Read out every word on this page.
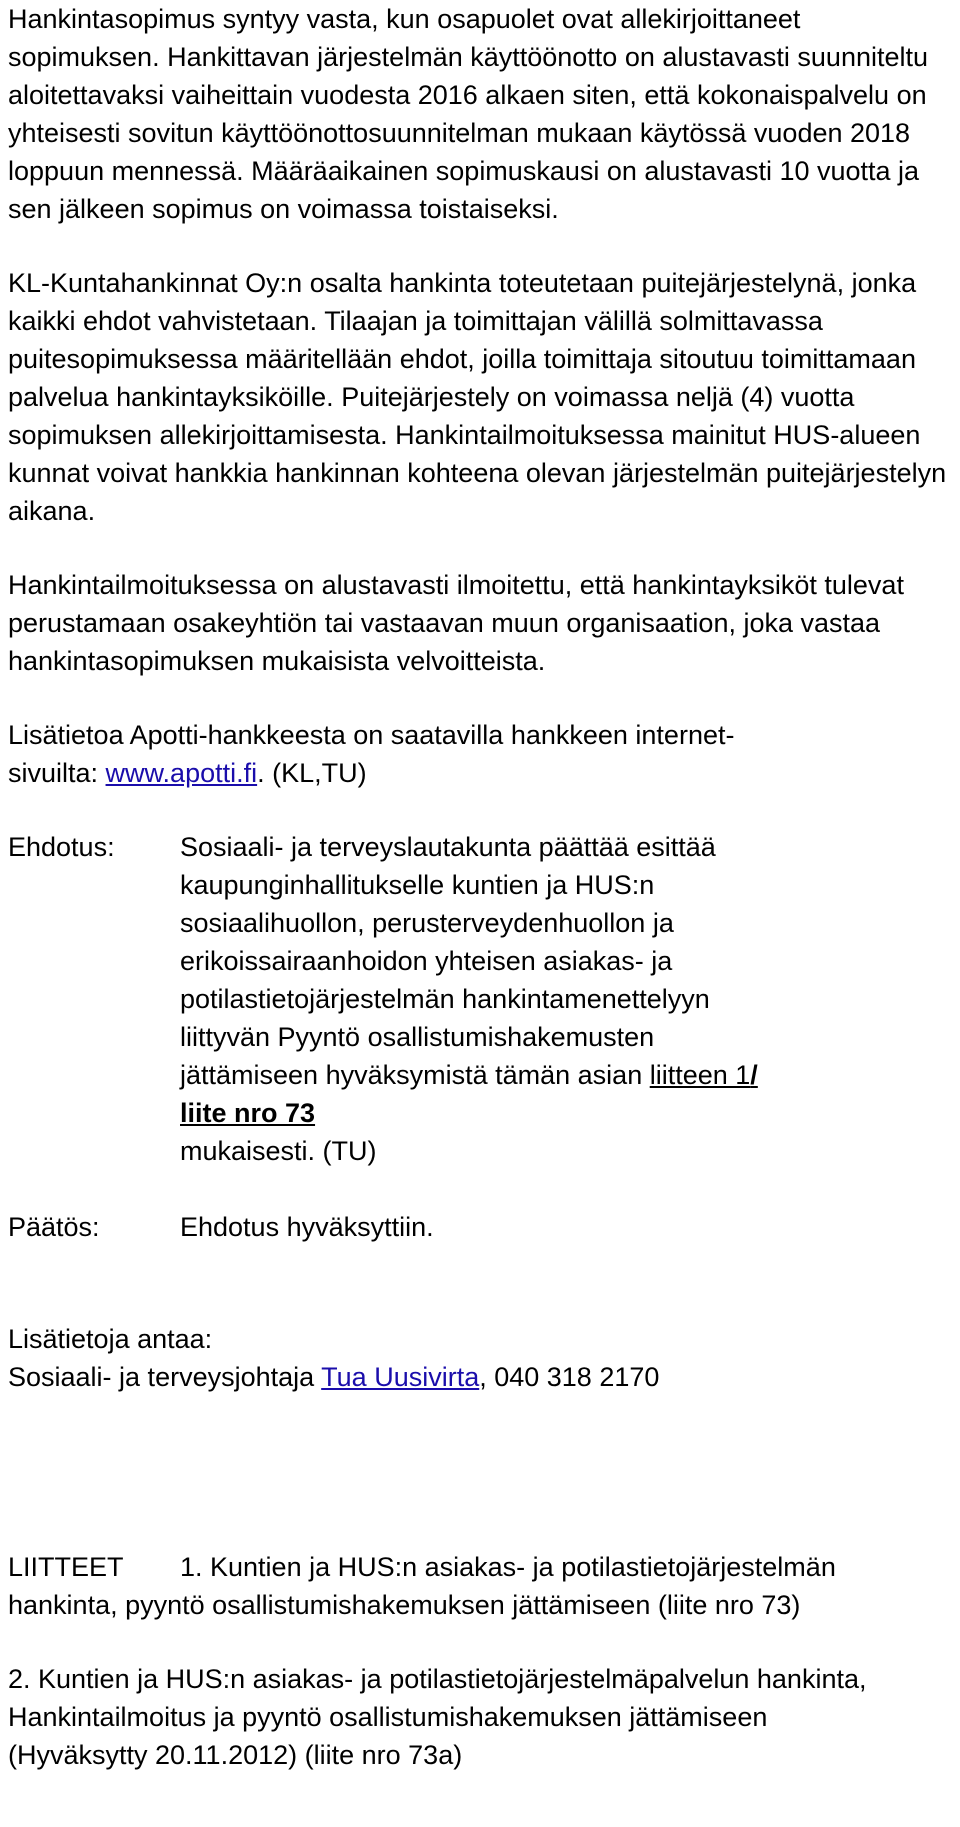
Hankintasopimus syntyy vasta, kun osapuolet ovat allekirjoittaneet sopimuksen. Hankittavan järjestelmän käyttöönotto on alustavasti suunniteltu aloitettavaksi vaiheittain vuodesta 2016 alkaen siten, että kokonaispalvelu on yhteisesti sovitun käyttöönottosuunnitelman mukaan käytössä vuoden 2018 loppuun mennessä. Määräaikainen sopimuskausi on alustavasti 10 vuotta ja sen jälkeen sopimus on voimassa toistaiseksi.

KL-Kuntahankinnat Oy:n osalta hankinta toteutetaan puitejärjestelynä, jonka kaikki ehdot vahvistetaan. Tilaajan ja toimittajan välillä solmittavassa puitesopimuksessa määritellään ehdot, joilla toimittaja sitoutuu toimittamaan palvelua hankintayksiköille. Puitejärjestely on voimassa neljä (4) vuotta sopimuksen allekirjoittamisesta. Hankintailmoituksessa mainitut HUS-alueen kunnat voivat hankkia hankinnan kohteena olevan järjestelmän puitejärjestelyn aikana.

Hankintailmoituksessa on alustavasti ilmoitettu, että hankintayksiköt tulevat perustamaan osakeyhtiön tai vastaavan muun organisaation, joka vastaa hankintasopimuksen mukaisista velvoitteista.

Lisätietoa Apotti-hankkeesta on saatavilla hankkeen internet-sivuilta: www.apotti.fi. (KL,TU)

Ehdotus:	Sosiaali- ja terveyslautakunta päättää esittää kaupunginhallitukselle kuntien ja HUS:n sosiaalihuollon, perusterveydenhuollon ja erikoissairaanhoidon yhteisen asiakas- ja potilastietojärjestelmän hankintamenettelyyn liittyvän Pyyntö osallistumishakemusten jättämiseen hyväksymistä tämän asian liitteen 1/ liite nro 73
mukaisesti. (TU)
Päätös:	Ehdotus hyväksyttiin.

Lisätietoja antaa:

Sosiaali- ja terveysjohtaja Tua Uusivirta, 040 318 2170

LIITTEET 1. Kuntien ja HUS:n asiakas- ja potilastietojärjestelmän hankinta, pyyntö osallistumishakemuksen jättämiseen (liite nro 73)

2. Kuntien ja HUS:n asiakas- ja potilastietojärjestelmäpalvelun hankinta, Hankintailmoitus ja pyyntö osallistumishakemuksen jättämiseen (Hyväksytty 20.11.2012) (liite nro 73a)
